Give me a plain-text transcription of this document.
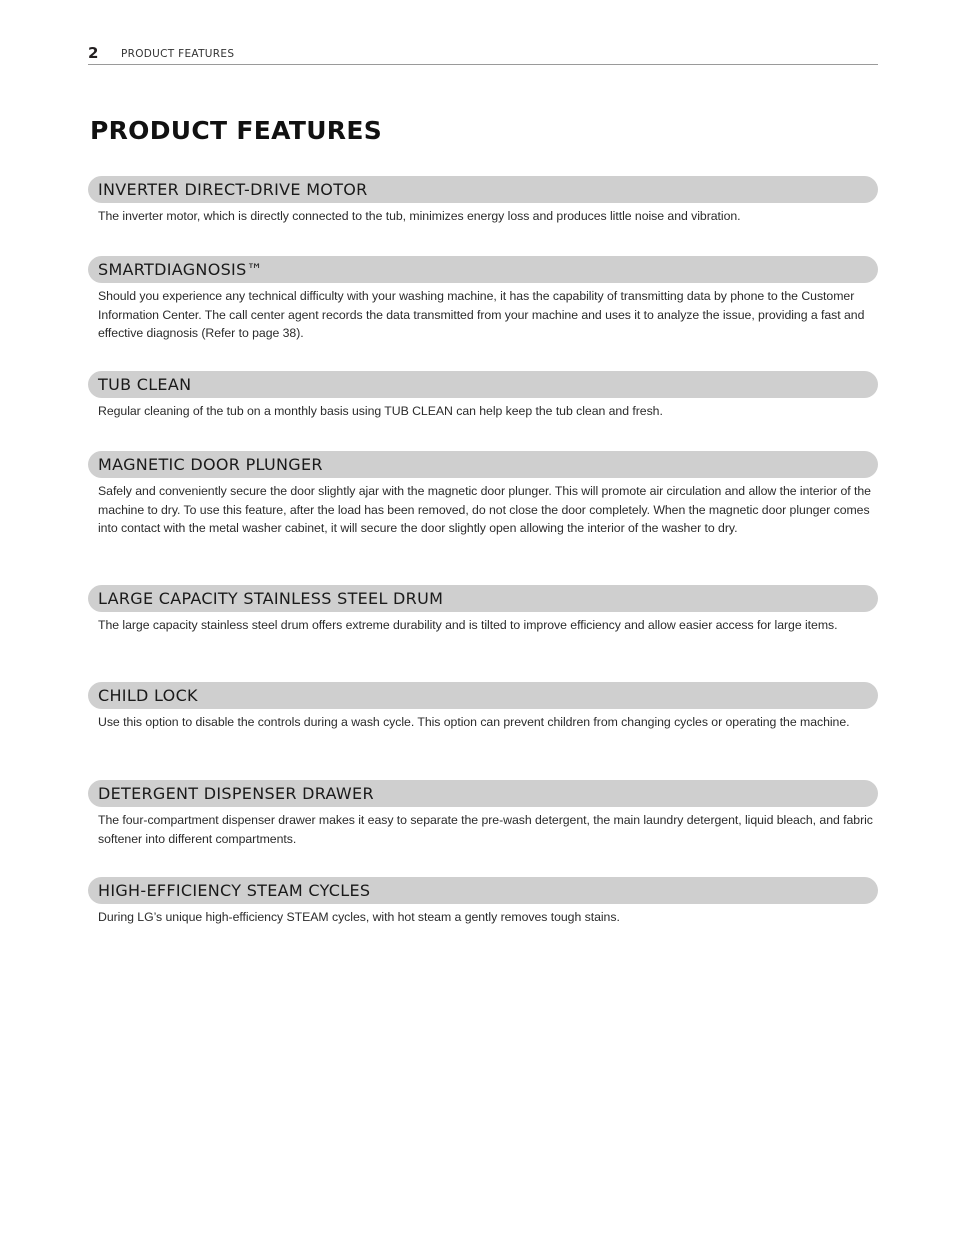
2 PRODUCT FEATURES
PRODUCT FEATURES
INVERTER DIRECT-DRIVE MOTOR
The inverter motor, which is directly connected to the tub, minimizes energy loss and produces little noise and vibration.
SMARTDIAGNOSIS™
Should you experience any technical difficulty with your washing machine, it has the capability of transmitting data by phone to the Customer Information Center. The call center agent records the data transmitted from your machine and uses it to analyze the issue, providing a fast and effective diagnosis (Refer to page 38).
TUB CLEAN
Regular cleaning of the tub on a monthly basis using TUB CLEAN can help keep the tub clean and fresh.
MAGNETIC DOOR PLUNGER
Safely and conveniently secure the door slightly ajar with the magnetic door plunger. This will promote air circulation and allow the interior of the machine to dry. To use this feature, after the load has been removed, do not close the door completely. When the magnetic door plunger comes into contact with the metal washer cabinet, it will secure the door slightly open allowing the interior of the washer to dry.
LARGE CAPACITY STAINLESS STEEL DRUM
The large capacity stainless steel drum offers extreme durability and is tilted to improve efficiency and allow easier access for large items.
CHILD LOCK
Use this option to disable the controls during a wash cycle. This option can prevent children from changing cycles or operating the machine.
DETERGENT DISPENSER DRAWER
The four-compartment dispenser drawer makes it easy to separate the pre-wash detergent, the main laundry detergent, liquid bleach, and fabric softener into different compartments.
HIGH-EFFICIENCY STEAM CYCLES
During LG’s unique high-efficiency STEAM cycles, with hot steam a gently removes tough stains.
